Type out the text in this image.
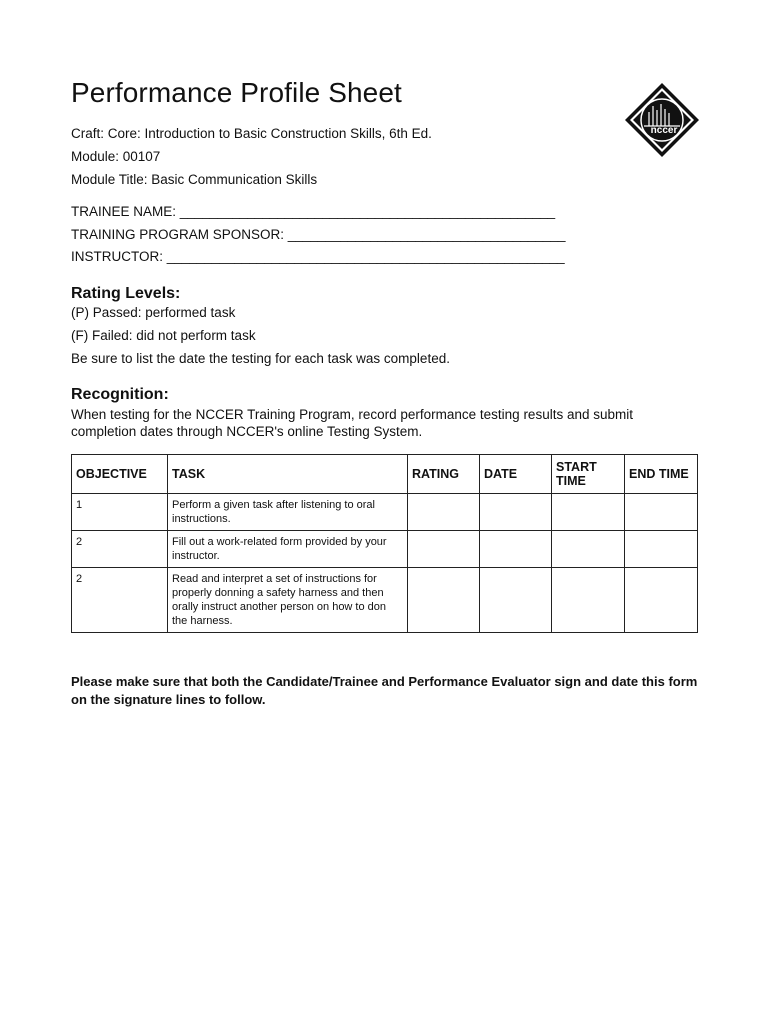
Performance Profile Sheet
nccer

Craft: Core: Introduction to Basic Construction Skills, 6th Ed.

Module: 00107

Module Title: Basic Communication Skills

TRAINEE NAME: __________________________________________________

TRAINING PROGRAM SPONSOR: _____________________________________

INSTRUCTOR: _____________________________________________________

Rating Levels:

(P) Passed: performed task

(F) Failed: did not perform task

Be sure to list the date the testing for each task was completed.

Recognition:

When testing for the NCCER Training Program, record performance testing results and submit completion dates through NCCER's online Testing System.

OBJECTIVE	TASK	RATING	DATE	START TIME	END TIME
1	Perform a given task after listening to oral instructions.				
2	Fill out a work-related form provided by your instructor.				
2	Read and interpret a set of instructions for properly donning a safety harness and then orally instruct another person on how to don the harness.				

Please make sure that both the Candidate/Trainee and Performance Evaluator sign and date this form on the signature lines to follow.
